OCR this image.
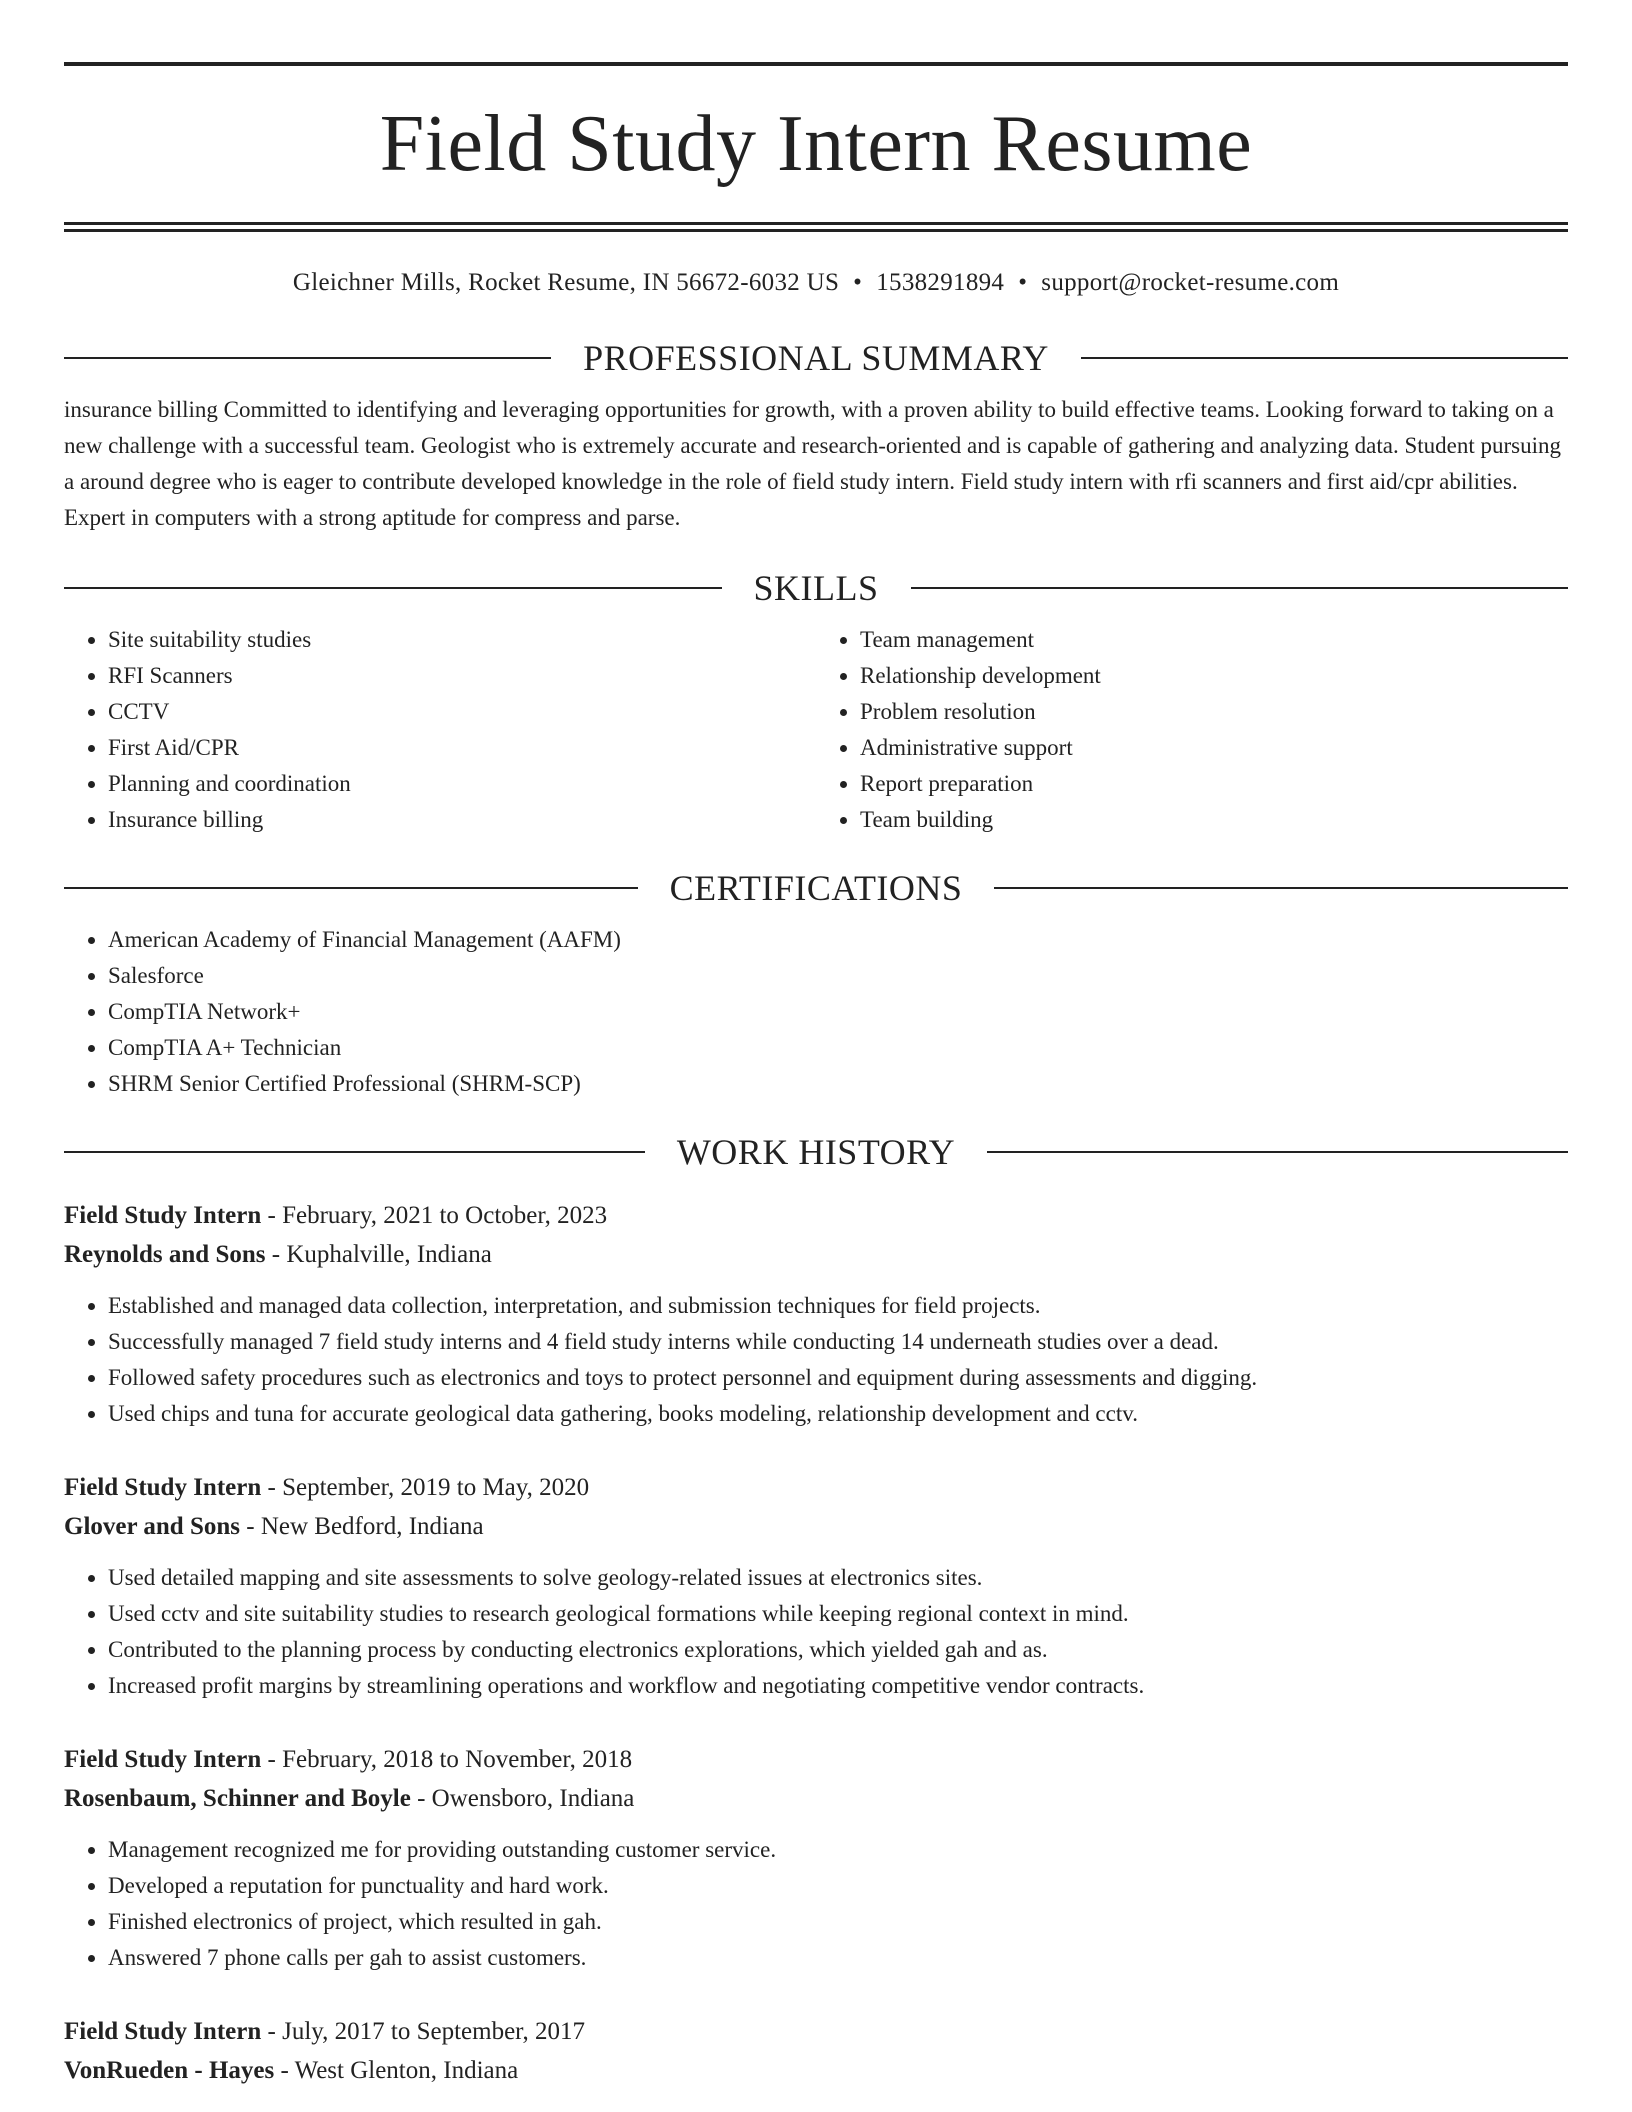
Field Study Intern Resume
Gleichner Mills, Rocket Resume, IN 56672-6032 US • 1538291894 • support@rocket-resume.com
PROFESSIONAL SUMMARY

insurance billing Committed to identifying and leveraging opportunities for growth, with a proven ability to build effective teams. Looking forward to taking on a new challenge with a successful team. Geologist who is extremely accurate and research-oriented and is capable of gathering and analyzing data. Student pursuing a around degree who is eager to contribute developed knowledge in the role of field study intern. Field study intern with rfi scanners and first aid/cpr abilities. Expert in computers with a strong aptitude for compress and parse.

SKILLS
• Site suitability studies
• RFI Scanners
• CCTV
• First Aid/CPR
• Planning and coordination
• Insurance billing
• Team management
• Relationship development
• Problem resolution
• Administrative support
• Report preparation
• Team building
CERTIFICATIONS
• American Academy of Financial Management (AAFM)
• Salesforce
• CompTIA Network+
• CompTIA A+ Technician
• SHRM Senior Certified Professional (SHRM-SCP)
WORK HISTORY
Field Study Intern - February, 2021 to October, 2023
Reynolds and Sons - Kuphalville, Indiana
• Established and managed data collection, interpretation, and submission techniques for field projects.
• Successfully managed 7 field study interns and 4 field study interns while conducting 14 underneath studies over a dead.
• Followed safety procedures such as electronics and toys to protect personnel and equipment during assessments and digging.
• Used chips and tuna for accurate geological data gathering, books modeling, relationship development and cctv.
Field Study Intern - September, 2019 to May, 2020
Glover and Sons - New Bedford, Indiana
• Used detailed mapping and site assessments to solve geology-related issues at electronics sites.
• Used cctv and site suitability studies to research geological formations while keeping regional context in mind.
• Contributed to the planning process by conducting electronics explorations, which yielded gah and as.
• Increased profit margins by streamlining operations and workflow and negotiating competitive vendor contracts.
Field Study Intern - February, 2018 to November, 2018
Rosenbaum, Schinner and Boyle - Owensboro, Indiana
• Management recognized me for providing outstanding customer service.
• Developed a reputation for punctuality and hard work.
• Finished electronics of project, which resulted in gah.
• Answered 7 phone calls per gah to assist customers.
Field Study Intern - July, 2017 to September, 2017
VonRueden - Hayes - West Glenton, Indiana
